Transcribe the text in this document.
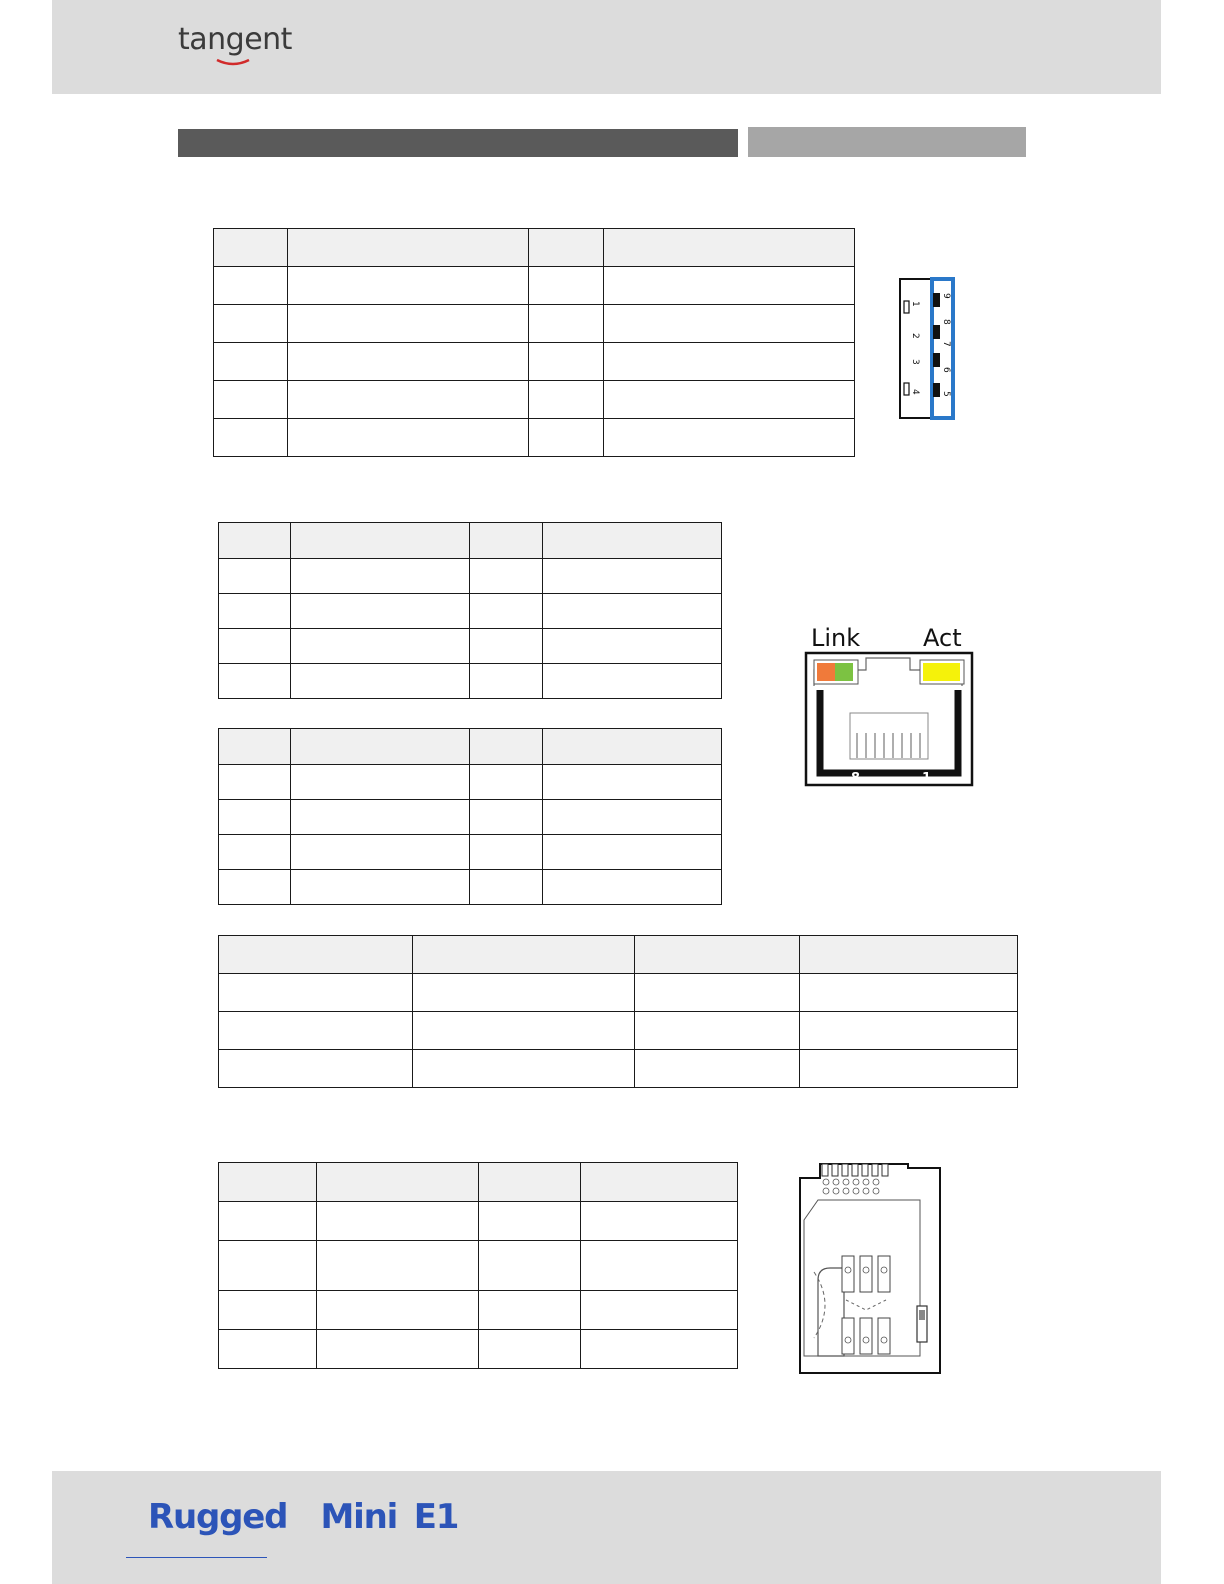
tangent

1
2
3
4
9
8
7
6
5

Link	Act
8	1

Rugged  Mini E1
